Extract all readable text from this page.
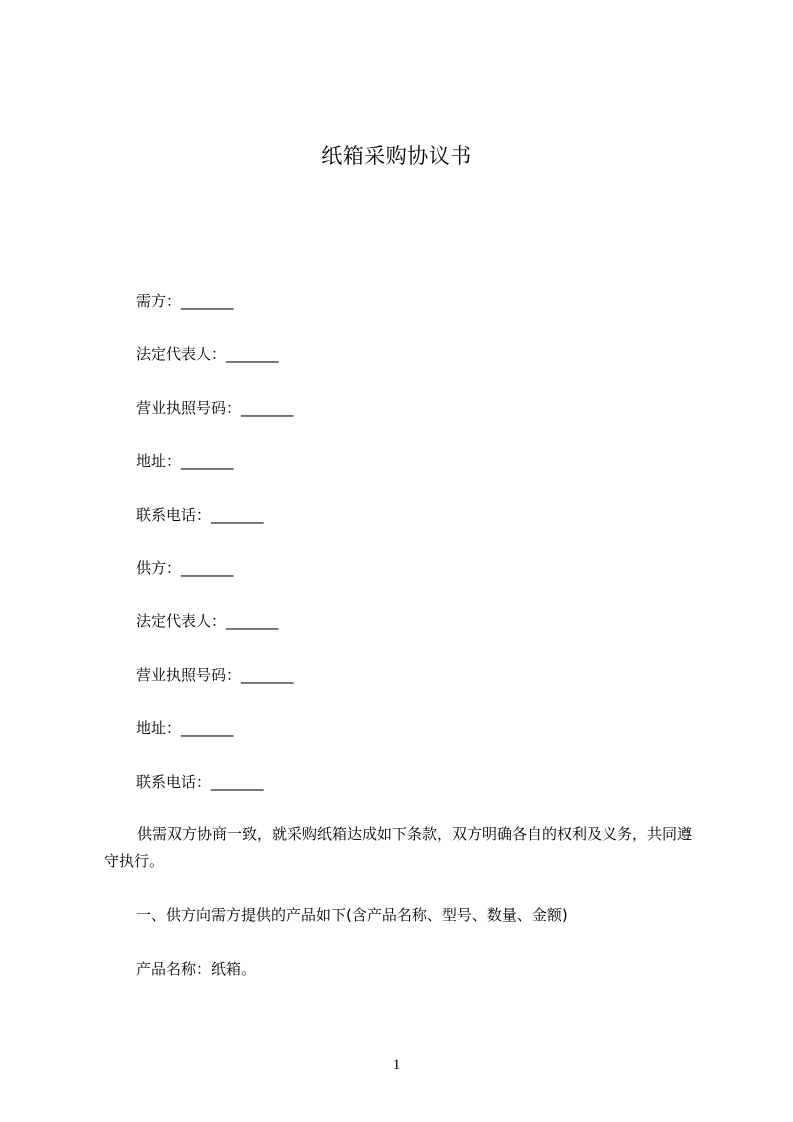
纸箱采购协议书
需方：_______
法定代表人：_______
营业执照号码：_______
地址：_______
联系电话：_______
供方：_______
法定代表人：_______
营业执照号码：_______
地址：_______
联系电话：_______
供需双方协商一致，就采购纸箱达成如下条款，双方明确各自的权利及义务，共同遵守执行。
一、供方向需方提供的产品如下(含产品名称、型号、数量、金额)
产品名称：纸箱。
1
